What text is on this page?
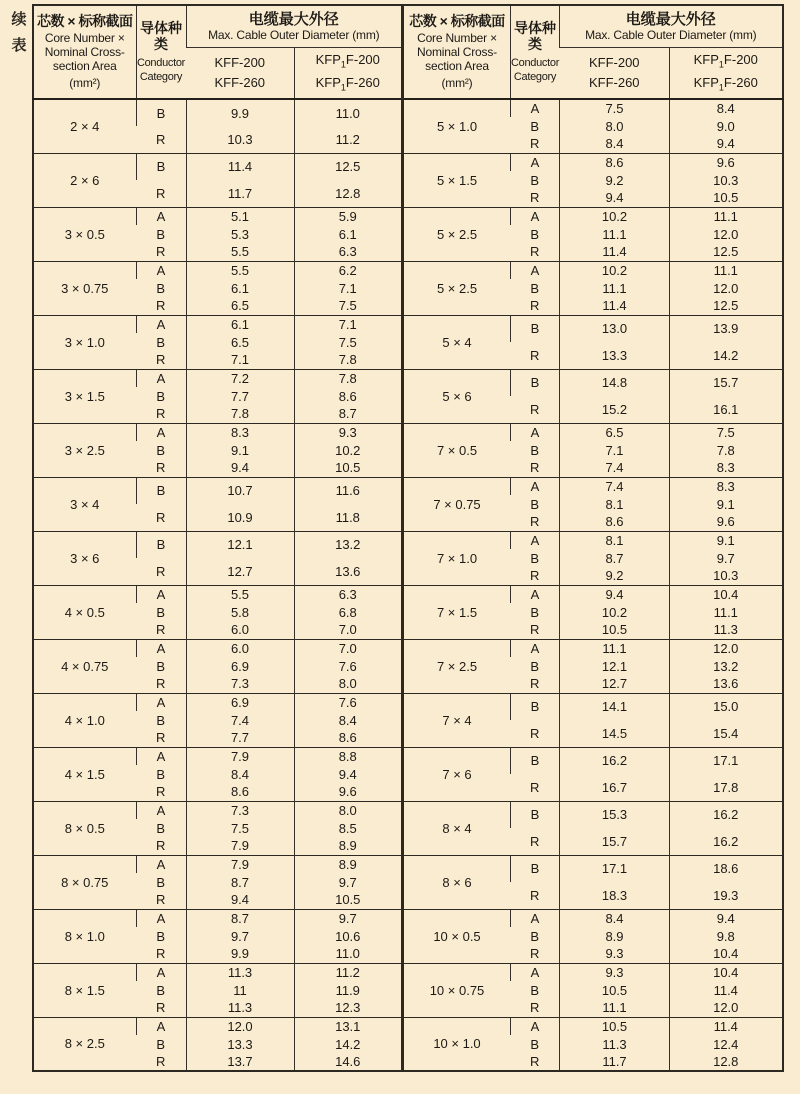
续表
芯数 × 标称截面
Core Number ×
Nominal Cross-
section Area
(mm²)

导体种类
Conductor
Category

电缆最大外径
Max. Cable Outer Diameter (mm)

KFF-200
KFF-260

$KFP_1F-200$
$KFP_1F-260$

2 × 4	B	9.9	11.0
	R	10.3	11.2
2 × 6	B	11.4	12.5
	R	11.7	12.8
3 × 0.5	A	5.1	5.9
	B	5.3	6.1
	R	5.5	6.3
3 × 0.75	A	5.5	6.2
	B	6.1	7.1
	R	6.5	7.5
3 × 1.0	A	6.1	7.1
	B	6.5	7.5
	R	7.1	7.8
3 × 1.5	A	7.2	7.8
	B	7.7	8.6
	R	7.8	8.7
3 × 2.5	A	8.3	9.3
	B	9.1	10.2
	R	9.4	10.5
3 × 4	B	10.7	11.6
	R	10.9	11.8
3 × 6	B	12.1	13.2
	R	12.7	13.6
4 × 0.5	A	5.5	6.3
	B	5.8	6.8
	R	6.0	7.0
4 × 0.75	A	6.0	7.0
	B	6.9	7.6
	R	7.3	8.0
4 × 1.0	A	6.9	7.6
	B	7.4	8.4
	R	7.7	8.6
4 × 1.5	A	7.9	8.8
	B	8.4	9.4
	R	8.6	9.6
8 × 0.5	A	7.3	8.0
	B	7.5	8.5
	R	7.9	8.9
8 × 0.75	A	7.9	8.9
	B	8.7	9.7
	R	9.4	10.5
8 × 1.0	A	8.7	9.7
	B	9.7	10.6
	R	9.9	11.0
8 × 1.5	A	11.3	11.2
	B	11	11.9
	R	11.3	12.3
8 × 2.5	A	12.0	13.1
	B	13.3	14.2
	R	13.7	14.6
芯数 × 标称截面
Core Number ×
Nominal Cross-
section Area
(mm²)

导体种类
Conductor
Category

电缆最大外径
Max. Cable Outer Diameter (mm)

KFF-200
KFF-260

$KFP_1F-200$
$KFP_1F-260$

5 × 1.0	A	7.5	8.4
	B	8.0	9.0
	R	8.4	9.4
5 × 1.5	A	8.6	9.6
	B	9.2	10.3
	R	9.4	10.5
5 × 2.5	A	10.2	11.1
	B	11.1	12.0
	R	11.4	12.5
5 × 2.5	A	10.2	11.1
	B	11.1	12.0
	R	11.4	12.5
5 × 4	B	13.0	13.9
	R	13.3	14.2
5 × 6	B	14.8	15.7
	R	15.2	16.1
7 × 0.5	A	6.5	7.5
	B	7.1	7.8
	R	7.4	8.3
7 × 0.75	A	7.4	8.3
	B	8.1	9.1
	R	8.6	9.6
7 × 1.0	A	8.1	9.1
	B	8.7	9.7
	R	9.2	10.3
7 × 1.5	A	9.4	10.4
	B	10.2	11.1
	R	10.5	11.3
7 × 2.5	A	11.1	12.0
	B	12.1	13.2
	R	12.7	13.6
7 × 4	B	14.1	15.0
	R	14.5	15.4
7 × 6	B	16.2	17.1
	R	16.7	17.8
8 × 4	B	15.3	16.2
	R	15.7	16.2
8 × 6	B	17.1	18.6
	R	18.3	19.3
10 × 0.5	A	8.4	9.4
	B	8.9	9.8
	R	9.3	10.4
10 × 0.75	A	9.3	10.4
	B	10.5	11.4
	R	11.1	12.0
10 × 1.0	A	10.5	11.4
	B	11.3	12.4
	R	11.7	12.8
